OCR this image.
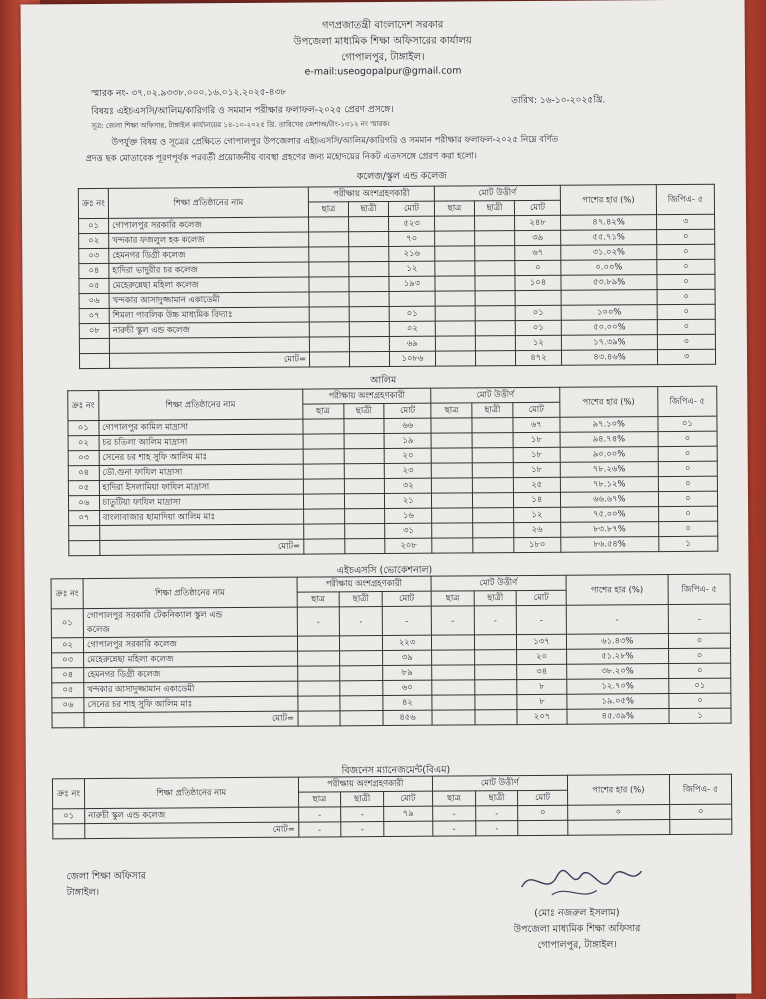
গণপ্রজাতন্ত্রী বাংলাদেশ সরকার
উপজেলা মাধ্যমিক শিক্ষা অফিসারের কার্যালয়
গোপালপুর, টাঙ্গাইল।
e-mail:useogopalpur@gmail.com
স্মারক নং- ৩৭.০২.৯৩৩৮.০০০.১৬.০১২.২০২৫-৪৩৮
তারিখ: ১৬-১০-২০২৫খ্রি.
বিষয়ঃ এইচএসসি/আলিম/কারিগরি ও সমমান পরীক্ষার ফলাফল-২০২৫ প্রেরণ প্রসঙ্গে।
সূত্র: জেলা শিক্ষা অফিসার, টাঙ্গাইল কার্যালয়ের ১৪-১০-২০২৫ খ্রি. তারিখের জেশাঅ/টাং-১৩১২ নং স্মারক।
উপর্যুক্ত বিষয় ও সূত্রের প্রেক্ষিতে গোপালপুর উপজেলার এইচএসসি/আলিম/কারিগরি ও সমমান পরীক্ষার ফলাফল-২০২৫ নিম্নে বর্ণিত
প্রদত্ত ছক মোতাবেক পূরণপূর্বক পরবর্তী প্রয়োজনীয় ব্যবস্থা গ্রহণের জন্য মহোদয়ের নিকট এতদসঙ্গে প্রেরণ করা হলো।
কলেজ/স্কুল এন্ড কলেজ
ক্রঃ নং	শিক্ষা প্রতিষ্ঠানের নাম	পরীক্ষায় অংশগ্রহণকারী			মোট উত্তীর্ণ			পাশের হার (%)	জিপিএ- ৫
		ছাত্র	ছাত্রী	মোট	ছাত্র	ছাত্রী	মোট		
০১	গোপালপুর সরকারি কলেজ			৫২৩			২৪৮	৪৭.৪২%	৩
০২	খন্দকার ফজলুল হক কলেজ			৭০			৩৯	৫৫.৭১%	০
০৩	হেমনগর ডিগ্রী কলেজ			২১৬			৬৭	৩১.০২%	০
০৪	হাদিরা ভাদুরীর চর কলেজ			১২			০	০.০০%	০
০৫	মেহেরুন্নেছা মহিলা কলেজ			১৯৩			১০৪	৫৩.৮৯%	০
০৬	খন্দকার আসাদুজ্জামান একাডেমী								০
০৭	শিমলা পাবলিক উচ্চ মাধ্যমিক বিদ্যাঃ			০১			০১	১০০%	০
০৮	নারুচী স্কুল এন্ড কলেজ			০২			০১	৫০.০০%	০
				৬৯			১২	১৭.৩৯%	০
	মোট=			১০৮৬			৪৭২	৪৩.৪৬%	৩
আলিম
ক্রঃ নং	শিক্ষা প্রতিষ্ঠানের নাম	পরীক্ষায় অংশগ্রহণকারী			মোট উত্তীর্ণ			পাশের হার (%)	জিপিএ- ৫
		ছাত্র	ছাত্রী	মোট	ছাত্র	ছাত্রী	মোট		
০১	গোপালপুর কামিল মাদ্রাসা			৬৬			৬৭	৯৭.১০%	০১
০২	চর চতিলা আলিম মাদ্রাসা			১৯			১৮	৯৪.৭৪%	০
০৩	সেনের চর শাহ সুফি আলিম মাঃ			২০			১৮	৯০.০০%	০
০৪	ডৌ.গুনা ফাযিল মাদ্রাসা			২৩			১৮	৭৮.২৬%	০
০৫	হাদিরা ইসলামিয়া ফাযিল মাদ্রাসা			৩২			২৫	৭৮.১২%	০
০৬	চাতুটিয়া ফাযিল মাদ্রাসা			২১			১৪	৬৬.৬৭%	০
০৭	বাংলাবাজার ছামাদিয়া আলিম মাঃ			১৬			১২	৭৫.০০%	০
				৩১			২৬	৮৩.৮৭%	০
	মোট=			২০৮			১৮০	৮৬.৫৪%	১
এইচএসসি (ভোকেশনাল)
ক্রঃ নং	শিক্ষা প্রতিষ্ঠানের নাম	পরীক্ষায় অংশগ্রহণকারী			মোট উত্তীর্ণ			পাশের হার (%)	জিপিএ- ৫
		ছাত্র	ছাত্রী	মোট	ছাত্র	ছাত্রী	মোট		
০১	গোপালপুর সরকারি টেকনিক্যাল স্কুল এন্ড
কলেজ	-	-	-	-	-	-	-	-
০২	গোপালপুর সরকারি কলেজ			২২৩			১৩৭	৬১.৪৩%	০
০৩	মেহেরুন্নেছা মহিলা কলেজ			৩৯			২০	৫১.২৮%	০
০৪	হেমনগর ডিগ্রী কলেজ			৮৯			৩৪	৩৮.২০%	০
০৫	খন্দকার আসাদুজ্জামান একাডেমী			৬০			৮	১২.৭০%	০১
০৬	সেনের চর শাহ সুফি আলিম মাঃ			৪২			৮	১৯.০৫%	০
	মোট=			৪৫৬			২০৭	৪৫.৩৯%	১
বিজনেস ম্যানেজমেন্ট(বিএম)
ক্রঃ নং	শিক্ষা প্রতিষ্ঠানের নাম	পরীক্ষায় অংশগ্রহণকারী			মোট উত্তীর্ণ			পাশের হার (%)	জিপিএ- ৫
		ছাত্র	ছাত্রী	মোট	ছাত্র	ছাত্রী	মোট		
০১	নারুচী স্কুল এন্ড কলেজ	-	-	৭৯	-	-	০	০	০
	মোট=	-	-		-	-			
জেলা শিক্ষা অফিসার
টাঙ্গাইল।
(মোঃ নজরুল ইসলাম)
উপজেলা মাধ্যমিক শিক্ষা অফিসার
গোপালপুর, টাঙ্গাইল।
